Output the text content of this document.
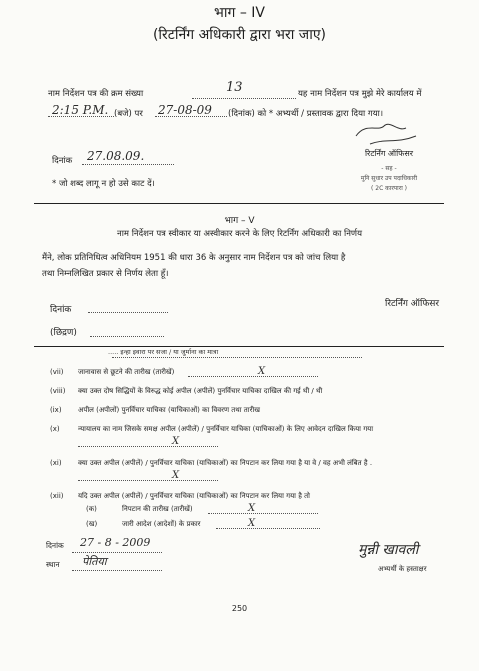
भाग – IV
(रिटर्निंग अधिकारी द्वारा भरा जाए)
नाम निर्देशन पत्र की क्रम संख्या	13	यह नाम निर्देशन पत्र मुझे मेरे कार्यालय में
2:15 P.M. (बजे) पर 27-08-09 (दिनांक) को * अभ्यर्थी / प्रस्तावक द्वारा दिया गया।
दिनांक 27.08.09.
* जो शब्द लागू न हो उसे काट दें।
रिटर्निंग ऑफिसर
- सह -
मुनि सुधार उप पदाधिकारी
( 2C कारपारा )
भाग – V
नाम निर्देशन पत्र स्वीकार या अस्वीकार करने के लिए रिटर्निंग अधिकारी का निर्णय
मैंने, लोक प्रतिनिधित्व अधिनियम 1951 की धारा 36 के अनुसार नाम निर्देशन पत्र को जांच लिया है
तथा निम्नलिखित प्रकार से निर्णय लेता हूँ।
दिनांक
रिटर्निंग ऑफिसर
(छिद्रण)
..... इन्हा इवारा पर सजा / या जुर्माना का मात्रा
(vii) जानावास से छूटने की तारीख (तारीखें)	X
(viii) क्या उक्त दोष सिद्धियों के विरुद्ध कोई अपील (अपीलें) पुनर्विचार याचिका दाखिल की गई थी / थी
(ix) अपील (अपीलों) पुनर्विचार याचिका (याचिकाओं) का विवरण तथा तारीख
(x)	न्यायालय का नाम जिसके समक्ष अपील (अपीलें) / पुनर्विचार याचिका (याचिकाओं) के लिए आवेदन दाखिल किया गया
X
(xi) क्या उक्त अपील (अपीलें) / पुनर्विचार याचिका (याचिकाओं) का निपटान कर लिया गया है या वे / वह अभी लंबित है .
X
(xii) यदि उक्त अपील (अपीलें) / पुनर्विचार याचिका (याचिकाओं) का निपटान कर लिया गया है तो
(क)	निपटान की तारीख (तारीखें)	X
(ख)	जारी आदेश (आदेशों) के प्रकार	X
दिनांक 27 - 8 - 2009
स्थान पेतिया
मुन्नी खावली
अभ्यर्थी के हस्ताक्षर
250
